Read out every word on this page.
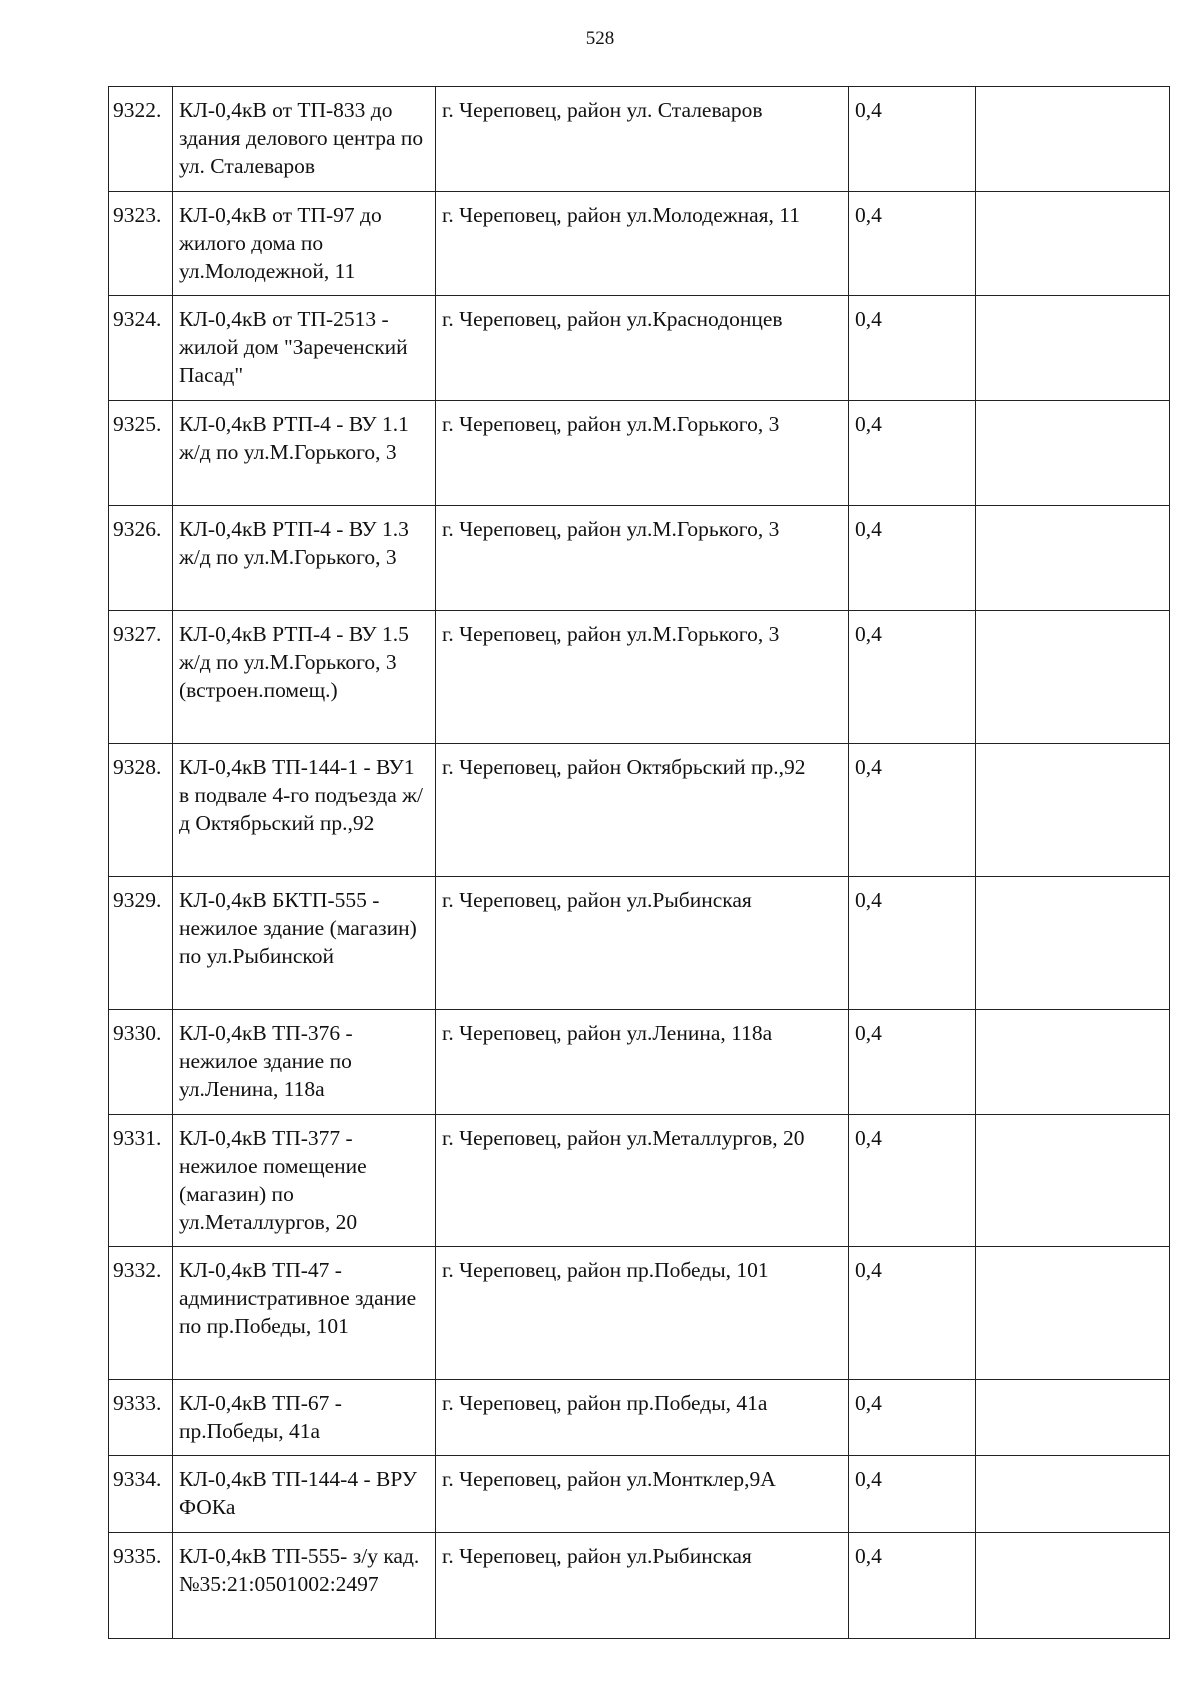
528
9322.	КЛ-0,4кВ от ТП-833 до здания делового центра по ул. Сталеваров	г. Череповец, район ул. Сталеваров	0,4	
9323.	КЛ-0,4кВ от ТП-97 до жилого дома по ул.Молодежной, 11	г. Череповец, район ул.Молодежная, 11	0,4	
9324.	КЛ-0,4кВ от ТП-2513 - жилой дом "Зареченский Пасад"	г. Череповец, район ул.Краснодонцев	0,4	
9325.	КЛ-0,4кВ РТП-4 - ВУ 1.1 ж/д по ул.М.Горького, 3	г. Череповец, район ул.М.Горького, 3	0,4	
9326.	КЛ-0,4кВ РТП-4 - ВУ 1.3 ж/д по ул.М.Горького, 3	г. Череповец, район ул.М.Горького, 3	0,4	
9327.	КЛ-0,4кВ РТП-4 - ВУ 1.5 ж/д по ул.М.Горького, 3 (встроен.помещ.)	г. Череповец, район ул.М.Горького, 3	0,4	
9328.	КЛ-0,4кВ ТП-144-1 - ВУ1 в подвале 4-го подъезда ж/д Октябрьский пр.,92	г. Череповец, район Октябрьский пр.,92	0,4	
9329.	КЛ-0,4кВ БКТП-555 - нежилое здание (магазин) по ул.Рыбинской	г. Череповец, район ул.Рыбинская	0,4	
9330.	КЛ-0,4кВ ТП-376 - нежилое здание по ул.Ленина, 118а	г. Череповец, район ул.Ленина, 118а	0,4	
9331.	КЛ-0,4кВ ТП-377 - нежилое помещение (магазин) по ул.Металлургов, 20	г. Череповец, район ул.Металлургов, 20	0,4	
9332.	КЛ-0,4кВ ТП-47 - административное здание по пр.Победы, 101	г. Череповец, район пр.Победы, 101	0,4	
9333.	КЛ-0,4кВ ТП-67 - пр.Победы, 41а	г. Череповец, район пр.Победы, 41а	0,4	
9334.	КЛ-0,4кВ ТП-144-4 - ВРУ ФОКа	г. Череповец, район ул.Монтклер,9А	0,4	
9335.	КЛ-0,4кВ ТП-555- з/у кад. №35:21:0501002:2497	г. Череповец, район ул.Рыбинская	0,4	
